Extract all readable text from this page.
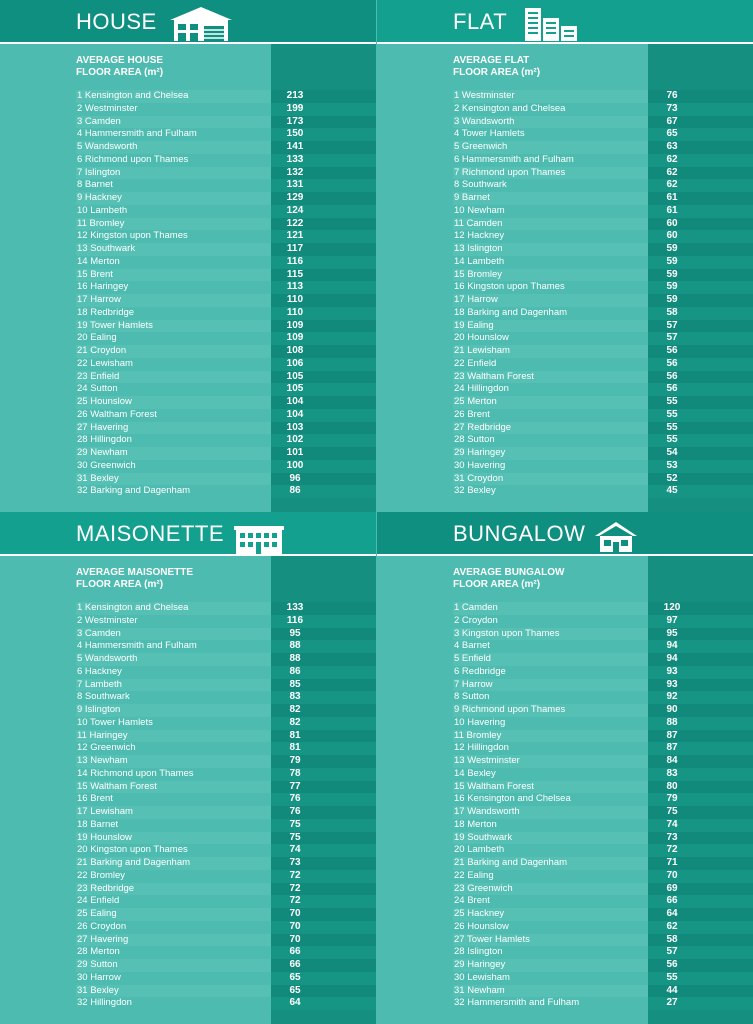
HOUSE
AVERAGE HOUSE
FLOOR AREA (m²)
1 Kensington and Chelsea	213
2 Westminster	199
3 Camden	173
4 Hammersmith and Fulham	150
5 Wandsworth	141
6 Richmond upon Thames	133
7 Islington	132
8 Barnet	131
9 Hackney	129
10 Lambeth	124
11 Bromley	122
12 Kingston upon Thames	121
13 Southwark	117
14 Merton	116
15 Brent	115
16 Haringey	113
17 Harrow	110
18 Redbridge	110
19 Tower Hamlets	109
20 Ealing	109
21 Croydon	108
22 Lewisham	106
23 Enfield	105
24 Sutton	105
25 Hounslow	104
26 Waltham Forest	104
27 Havering	103
28 Hillingdon	102
29 Newham	101
30 Greenwich	100
31 Bexley	96
32 Barking and Dagenham	86
FLAT
AVERAGE FLAT
FLOOR AREA (m²)
1 Westminster	76
2 Kensington and Chelsea	73
3 Wandsworth	67
4 Tower Hamlets	65
5 Greenwich	63
6 Hammersmith and Fulham	62
7 Richmond upon Thames	62
8 Southwark	62
9 Barnet	61
10 Newham	61
11 Camden	60
12 Hackney	60
13 Islington	59
14 Lambeth	59
15 Bromley	59
16 Kingston upon Thames	59
17 Harrow	59
18 Barking and Dagenham	58
19 Ealing	57
20 Hounslow	57
21 Lewisham	56
22 Enfield	56
23 Waltham Forest	56
24 Hillingdon	56
25 Merton	55
26 Brent	55
27 Redbridge	55
28 Sutton	55
29 Haringey	54
30 Havering	53
31 Croydon	52
32 Bexley	45
MAISONETTE
AVERAGE MAISONETTE
FLOOR AREA (m²)
1 Kensington and Chelsea	133
2 Westminster	116
3 Camden	95
4 Hammersmith and Fulham	88
5 Wandsworth	88
6 Hackney	86
7 Lambeth	85
8 Southwark	83
9 Islington	82
10 Tower Hamlets	82
11 Haringey	81
12 Greenwich	81
13 Newham	79
14 Richmond upon Thames	78
15 Waltham Forest	77
16 Brent	76
17 Lewisham	76
18 Barnet	75
19 Hounslow	75
20 Kingston upon Thames	74
21 Barking and Dagenham	73
22 Bromley	72
23 Redbridge	72
24 Enfield	72
25 Ealing	70
26 Croydon	70
27 Havering	70
28 Merton	66
29 Sutton	66
30 Harrow	65
31 Bexley	65
32 Hillingdon	64
BUNGALOW
AVERAGE BUNGALOW
FLOOR AREA (m²)
1 Camden	120
2 Croydon	97
3 Kingston upon Thames	95
4 Barnet	94
5 Enfield	94
6 Redbridge	93
7 Harrow	93
8 Sutton	92
9 Richmond upon Thames	90
10 Havering	88
11 Bromley	87
12 Hillingdon	87
13 Westminster	84
14 Bexley	83
15 Waltham Forest	80
16 Kensington and Chelsea	79
17 Wandsworth	75
18 Merton	74
19 Southwark	73
20 Lambeth	72
21 Barking and Dagenham	71
22 Ealing	70
23 Greenwich	69
24 Brent	66
25 Hackney	64
26 Hounslow	62
27 Tower Hamlets	58
28 Islington	57
29 Haringey	56
30 Lewisham	55
31 Newham	44
32 Hammersmith and Fulham	27
